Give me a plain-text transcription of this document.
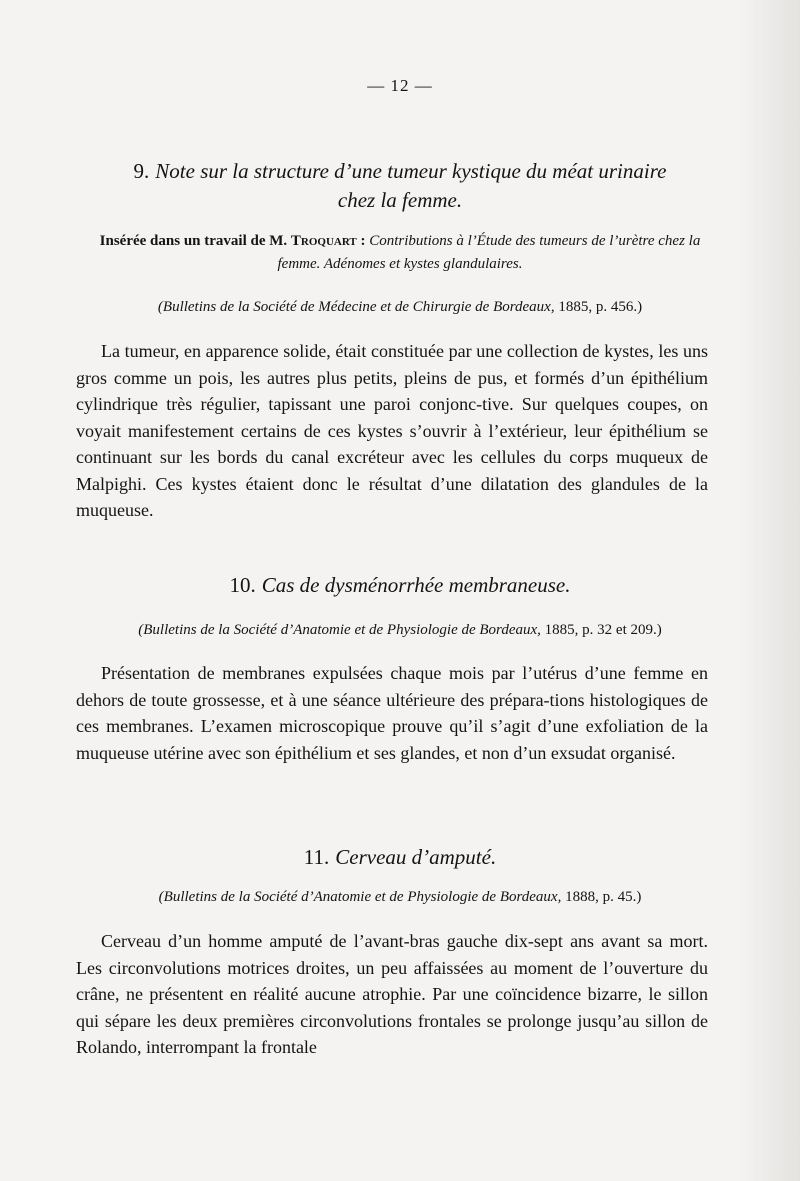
— 12 —
9. Note sur la structure d’une tumeur kystique du méat urinaire
chez la femme.

Insérée dans un travail de M. Troquart : Contributions à l’Étude des tumeurs de l’urètre chez la femme. Adénomes et kystes glandulaires.

(Bulletins de la Société de Médecine et de Chirurgie de Bordeaux, 1885, p. 456.)

La tumeur, en apparence solide, était constituée par une collection de kystes, les uns gros comme un pois, les autres plus petits, pleins de pus, et formés d’un épithélium cylindrique très régulier, tapissant une paroi conjonc-tive. Sur quelques coupes, on voyait manifestement certains de ces kystes s’ouvrir à l’extérieur, leur épithélium se continuant sur les bords du canal excréteur avec les cellules du corps muqueux de Malpighi. Ces kystes étaient donc le résultat d’une dilatation des glandules de la muqueuse.

10. Cas de dysménorrhée membraneuse.

(Bulletins de la Société d’Anatomie et de Physiologie de Bordeaux, 1885, p. 32 et 209.)

Présentation de membranes expulsées chaque mois par l’utérus d’une femme en dehors de toute grossesse, et à une séance ultérieure des prépara-tions histologiques de ces membranes. L’examen microscopique prouve qu’il s’agit d’une exfoliation de la muqueuse utérine avec son épithélium et ses glandes, et non d’un exsudat organisé.

11. Cerveau d’amputé.

(Bulletins de la Société d’Anatomie et de Physiologie de Bordeaux, 1888, p. 45.)

Cerveau d’un homme amputé de l’avant-bras gauche dix-sept ans avant sa mort. Les circonvolutions motrices droites, un peu affaissées au moment de l’ouverture du crâne, ne présentent en réalité aucune atrophie. Par une coïncidence bizarre, le sillon qui sépare les deux premières circonvolutions frontales se prolonge jusqu’au sillon de Rolando, interrompant la frontale
